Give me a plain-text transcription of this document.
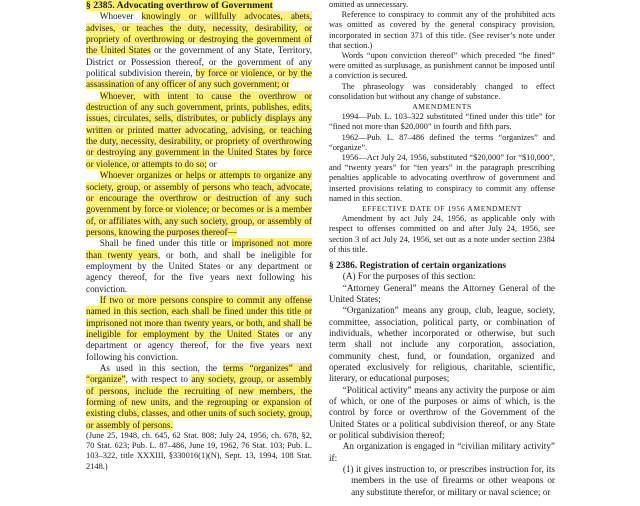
§ 2385. Advocating overthrow of Government

Whoever knowingly or willfully advocates, abets, advises, or teaches the duty, necessity, desirability, or propriety of overthrowing or destroying the government of the United States or the government of any State, Territory, District or Possession thereof, or the government of any political subdivision therein, by force or violence, or by the assassination of any officer of any such government; or

Whoever, with intent to cause the overthrow or destruction of any such government, prints, publishes, edits, issues, circulates, sells, distributes, or publicly displays any written or printed matter advocating, advising, or teaching the duty, necessity, desirability, or propriety of overthrowing or destroying any government in the United States by force or violence, or attempts to do so; or

Whoever organizes or helps or attempts to organize any society, group, or assembly of persons who teach, advocate, or encourage the overthrow or destruction of any such government by force or violence; or becomes or is a member of, or affiliates with, any such society, group, or assembly of persons, knowing the purposes thereof—

Shall be fined under this title or imprisoned not more than twenty years, or both, and shall be ineligible for employment by the United States or any department or agency thereof, for the five years next following his conviction.

If two or more persons conspire to commit any offense named in this section, each shall be fined under this title or imprisoned not more than twenty years, or both, and shall be ineligible for employment by the United States or any department or agency thereof, for the five years next following his conviction.

As used in this section, the terms “organizes” and “organize”, with respect to any society, group, or assembly of persons, include the recruiting of new members, the forming of new units, and the regrouping or expansion of existing clubs, classes, and other units of such society, group, or assembly of persons.

(June 25, 1948, ch. 645, 62 Stat. 808; July 24, 1956, ch. 678, §2, 70 Stat. 623; Pub. L. 87–486, June 19, 1962, 76 Stat. 103; Pub. L. 103–322, title XXXIII, §330016(1)(N), Sept. 13, 1994, 108 Stat. 2148.)

omitted as unnecessary.

Reference to conspiracy to commit any of the prohibited acts was omitted as covered by the general conspiracy provision, incorporated in section 371 of this title. (See reviser’s note under that section.)

Words “upon conviction thereof” which preceded “be fined” were omitted as surplusage, as punishment cannot be imposed until a conviction is secured.

The phraseology was considerably changed to effect consolidation but without any change of substance.

AMENDMENTS

1994—Pub. L. 103–322 substituted “fined under this title” for “fined not more than $20,000” in fourth and fifth pars.

1962—Pub. L. 87–486 defined the terms “organizes” and “organize”.

1956—Act July 24, 1956, substituted “$20,000” for “$10,000”, and “twenty years” for “ten years” in the paragraph prescribing penalties applicable to advocating overthrow of government and inserted provisions relating to conspiracy to commit any offense named in this section.

EFFECTIVE DATE OF 1956 AMENDMENT

Amendment by act July 24, 1956, as applicable only with respect to offenses committed on and after July 24, 1956, see section 3 of act July 24, 1956, set out as a note under section 2384 of this title.

§ 2386. Registration of certain organizations

(A) For the purposes of this section:

“Attorney General” means the Attorney General of the United States;

“Organization” means any group, club, league, society, committee, association, political party, or combination of individuals, whether incorporated or otherwise, but such term shall not include any corporation, association, community chest, fund, or foundation, organized and operated exclusively for religious, charitable, scientific, literary, or educational purposes;

“Political activity” means any activity the purpose or aim of which, or one of the purposes or aims of which, is the control by force or overthrow of the Government of the United States or a political subdivision thereof, or any State or political subdivision thereof;

An organization is engaged in “civilian military activity” if:

(1) it gives instruction to, or prescribes instruction for, its members in the use of firearms or other weapons or any substitute therefor, or military or naval science; or
